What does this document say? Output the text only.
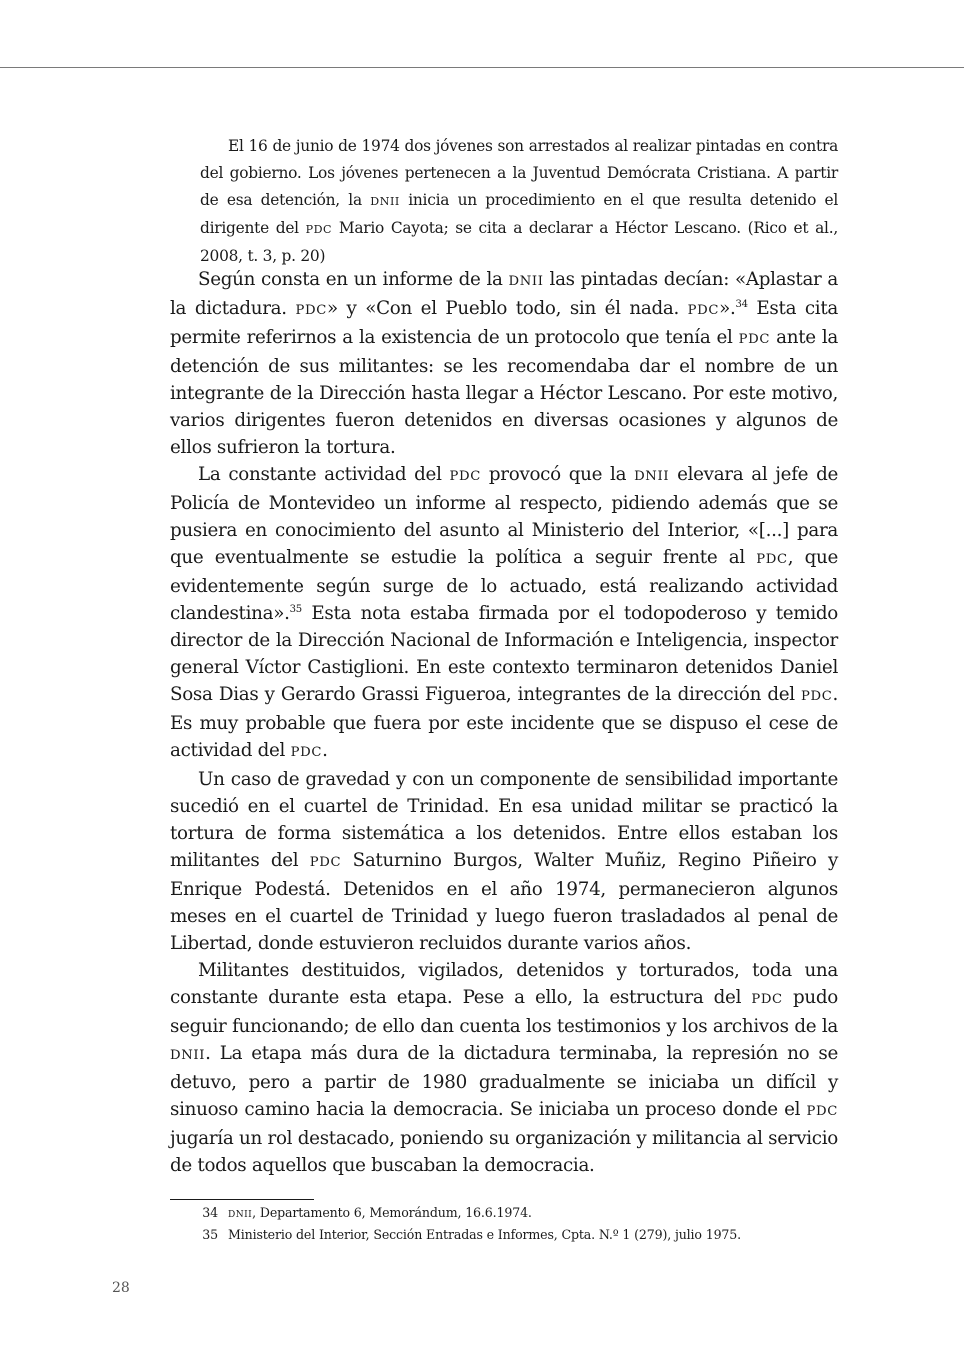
El 16 de junio de 1974 dos jóvenes son arrestados al realizar pintadas en contra del gobierno. Los jóvenes pertenecen a la Juventud Demócrata Cristiana. A partir de esa detención, la DNII inicia un procedimiento en el que resulta detenido el dirigente del PDC Mario Cayota; se cita a declarar a Héctor Lescano. (Rico et al., 2008, t. 3, p. 20)

Según consta en un informe de la DNII las pintadas decían: «Aplastar a la dictadura. PDC» y «Con el Pueblo todo, sin él nada. PDC».$^{34}$ Esta cita permite referirnos a la existencia de un protocolo que tenía el PDC ante la detención de sus militantes: se les recomendaba dar el nombre de un integrante de la Dirección hasta llegar a Héctor Lescano. Por este motivo, varios dirigentes fueron detenidos en diversas ocasiones y algunos de ellos sufrieron la tortura.

La constante actividad del PDC provocó que la DNII elevara al jefe de Policía de Montevideo un informe al respecto, pidiendo además que se pusiera en conocimiento del asunto al Ministerio del Interior, «[...] para que eventualmente se estudie la política a seguir frente al PDC, que evidentemente según surge de lo actuado, está realizando actividad clandestina».$^{35}$ Esta nota estaba firmada por el todopoderoso y temido director de la Dirección Nacional de Información e Inteligencia, inspector general Víctor Castiglioni. En este contexto terminaron detenidos Daniel Sosa Dias y Gerardo Grassi Figueroa, integrantes de la dirección del PDC. Es muy probable que fuera por este incidente que se dispuso el cese de actividad del PDC.

Un caso de gravedad y con un componente de sensibilidad importante sucedió en el cuartel de Trinidad. En esa unidad militar se practicó la tortura de forma sistemática a los detenidos. Entre ellos estaban los militantes del PDC Saturnino Burgos, Walter Muñiz, Regino Piñeiro y Enrique Podestá. Detenidos en el año 1974, permanecieron algunos meses en el cuartel de Trinidad y luego fueron trasladados al penal de Libertad, donde estuvieron recluidos durante varios años.

Militantes destituidos, vigilados, detenidos y torturados, toda una constante durante esta etapa. Pese a ello, la estructura del PDC pudo seguir funcionando; de ello dan cuenta los testimonios y los archivos de la DNII. La etapa más dura de la dictadura terminaba, la represión no se detuvo, pero a partir de 1980 gradualmente se iniciaba un difícil y sinuoso camino hacia la democracia. Se iniciaba un proceso donde el PDC jugaría un rol destacado, poniendo su organización y militancia al servicio de todos aquellos que buscaban la democracia.

34	DNII, Departamento 6, Memorándum, 16.6.1974.
35 Ministerio del Interior, Sección Entradas e Informes, Cpta. N.º 1 (279), julio 1975.
28
